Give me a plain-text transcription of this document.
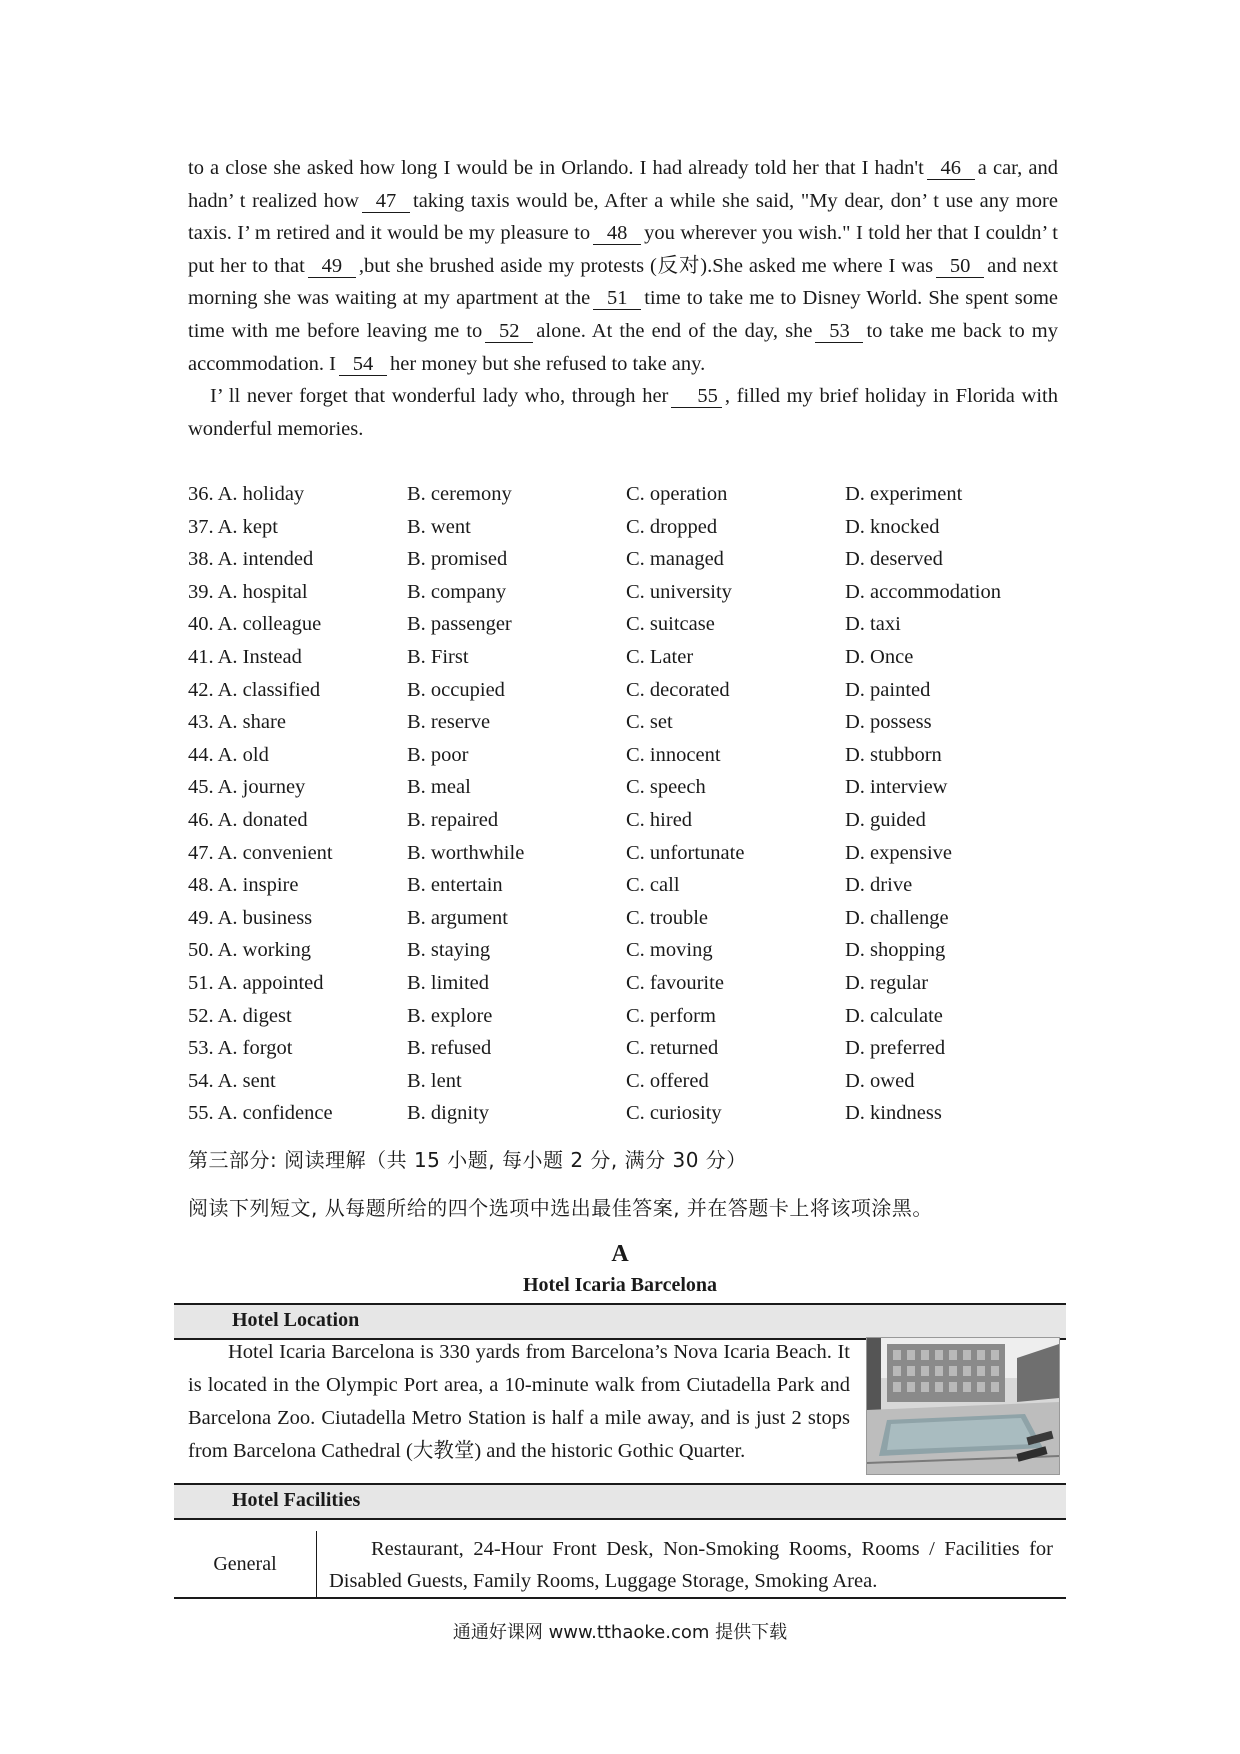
to a close she asked how long I would be in Orlando. I had already told her that I hadn't 46 a car, and hadn’ t realized how 47 taking taxis would be, After a while she said, "My dear, don’ t use any more taxis. I’ m retired and it would be my pleasure to 48 you wherever you wish." I told her that I couldn’ t put her to that 49 ,but she brushed aside my protests (反对).She asked me where I was 50 and next morning she was waiting at my apartment at the 51 time to take me to Disney World. She spent some time with me before leaving me to 52 alone. At the end of the day, she 53 to take me back to my accommodation. I 54 her money but she refused to take any.

I’ ll never forget that wonderful lady who, through her 55 , filled my brief holiday in Florida with wonderful memories.

36. A. holiday	B. ceremony	C. operation	D. experiment
37. A. kept	B. went	C. dropped	D. knocked
38. A. intended	B. promised	C. managed	D. deserved
39. A. hospital	B. company	C. university	D. accommodation
40. A. colleague	B. passenger	C. suitcase	D. taxi
41. A. Instead	B. First	C. Later	D. Once
42. A. classified	B. occupied	C. decorated	D. painted
43. A. share	B. reserve	C. set	D. possess
44. A. old	B. poor	C. innocent	D. stubborn
45. A. journey	B. meal	C. speech	D. interview
46. A. donated	B. repaired	C. hired	D. guided
47. A. convenient	B. worthwhile	C. unfortunate	D. expensive
48. A. inspire	B. entertain	C. call	D. drive
49. A. business	B. argument	C. trouble	D. challenge
50. A. working	B. staying	C. moving	D. shopping
51. A. appointed	B. limited	C. favourite	D. regular
52. A. digest	B. explore	C. perform	D. calculate
53. A. forgot	B. refused	C. returned	D. preferred
54. A. sent	B. lent	C. offered	D. owed
55. A. confidence	B. dignity	C. curiosity	D. kindness
第三部分: 阅读理解（共 15 小题, 每小题 2 分, 满分 30 分）
阅读下列短文, 从每题所给的四个选项中选出最佳答案, 并在答题卡上将该项涂黑。
A
Hotel Icaria Barcelona
Hotel Location

Hotel Icaria Barcelona is 330 yards from Barcelona’s Nova Icaria Beach. It is located in the Olympic Port area, a 10-minute walk from Ciutadella Park and Barcelona Zoo. Ciutadella Metro Station is half a mile away, and is just 2 stops from Barcelona Cathedral (大教堂) and the historic Gothic Quarter.

Hotel Facilities
General

Restaurant, 24-Hour Front Desk, Non-Smoking Rooms, Rooms / Facilities for Disabled Guests, Family Rooms, Luggage Storage, Smoking Area.

通通好课网 www.tthaoke.com 提供下载
